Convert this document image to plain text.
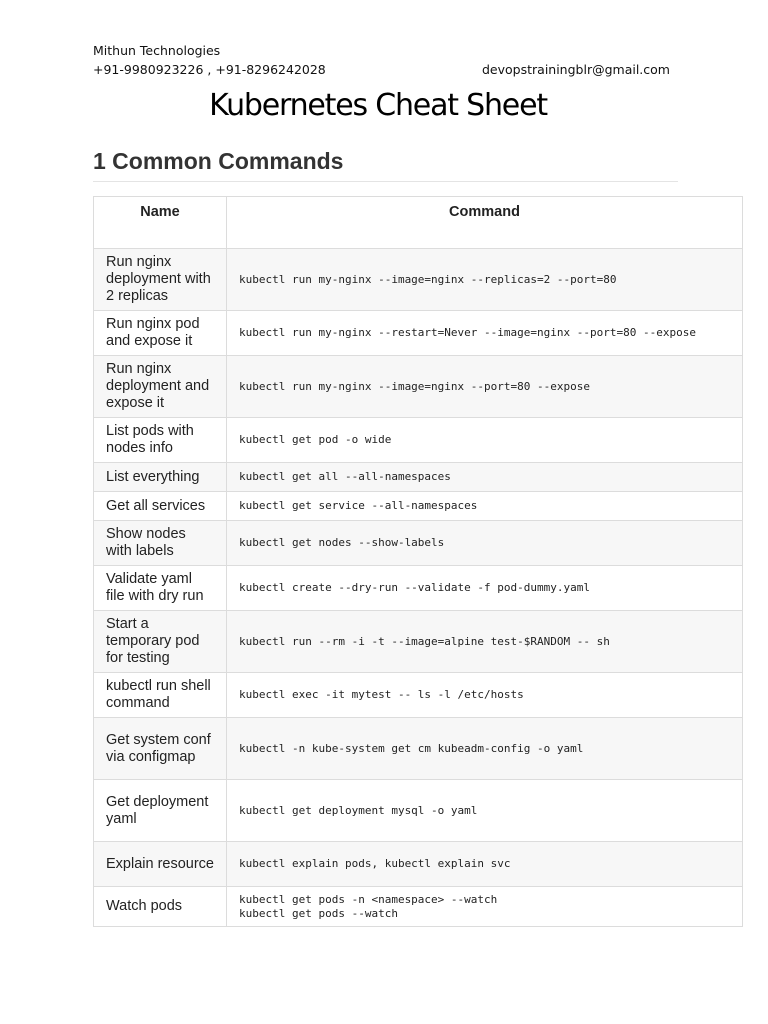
Mithun Technologies
+91-9980923226 , +91-8296242028	devopstrainingblr@gmail.com
Kubernetes Cheat Sheet
1 Common Commands
Name	Command
Run nginx deployment with 2 replicas	kubectl run my-nginx --image=nginx --replicas=2 --port=80

Run nginx pod and expose it	kubectl run my-nginx --restart=Never --image=nginx --port=80 --expose

Run nginx deployment and expose it	kubectl run my-nginx --image=nginx --port=80 --expose

List pods with nodes info	kubectl get pod -o wide

List everything	kubectl get all --all-namespaces

Get all services	kubectl get service --all-namespaces

Show nodes with labels	kubectl get nodes --show-labels

Validate yaml file with dry run	kubectl create --dry-run --validate -f pod-dummy.yaml

Start a temporary pod for testing	kubectl run --rm -i -t --image=alpine test-$RANDOM -- sh

kubectl run shell command	kubectl exec -it mytest -- ls -l /etc/hosts

Get system conf via configmap	kubectl -n kube-system get cm kubeadm-config -o yaml

Get deployment yaml	kubectl get deployment mysql -o yaml

Explain resource	kubectl explain pods, kubectl explain svc

Watch pods	kubectl get pods -n <namespace> --watch
kubectl get pods --watch
